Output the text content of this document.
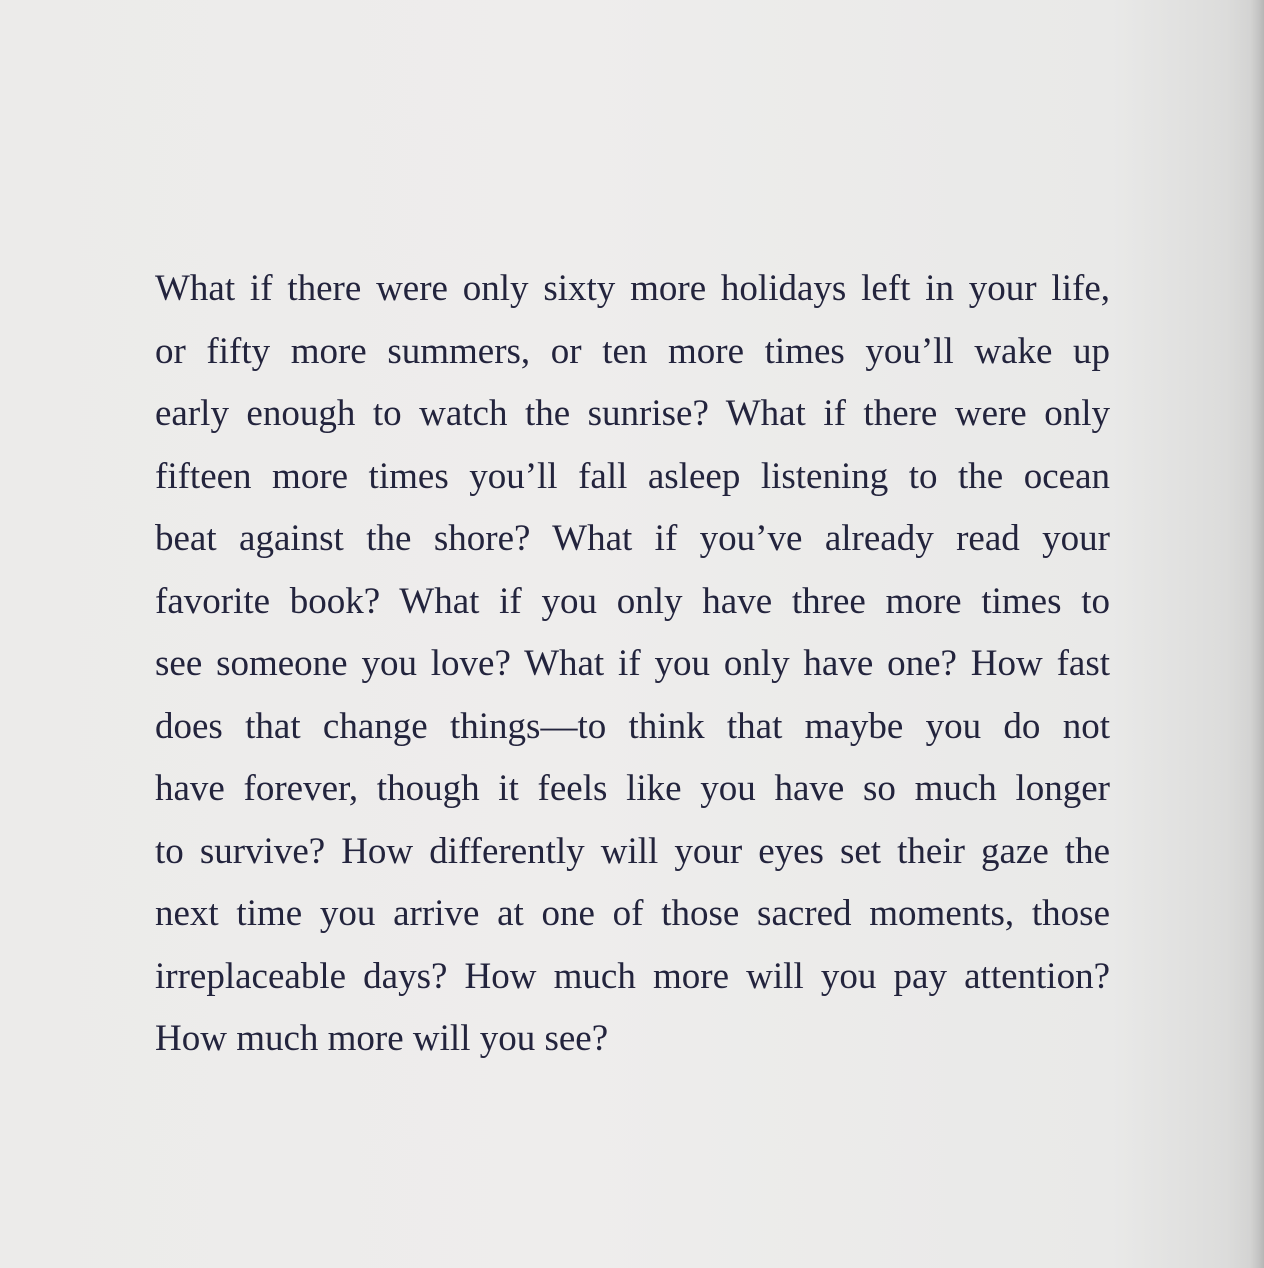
What if there were only sixty more holidays left in your life,
or fifty more summers, or ten more times you’ll wake up
early enough to watch the sunrise? What if there were only
fifteen more times you’ll fall asleep listening to the ocean
beat against the shore? What if you’ve already read your
favorite book? What if you only have three more times to
see someone you love? What if you only have one? How fast
does that change things—to think that maybe you do not
have forever, though it feels like you have so much longer
to survive? How differently will your eyes set their gaze the
next time you arrive at one of those sacred moments, those
irreplaceable days? How much more will you pay attention?
How much more will you see?
